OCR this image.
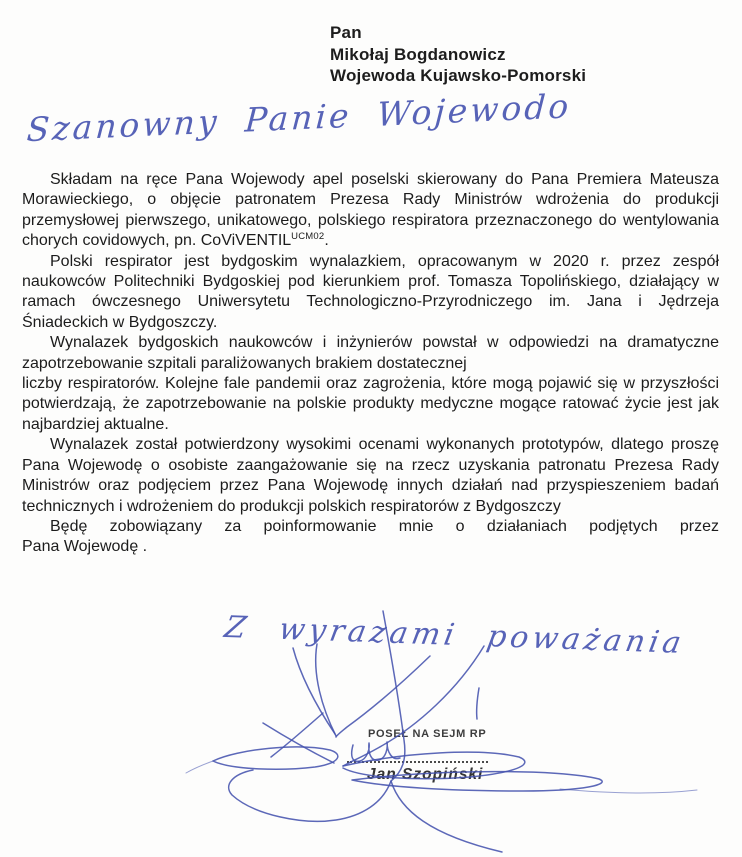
Pan
Mikołaj Bogdanowicz
Wojewoda Kujawsko-Pomorski
Szanowny Panie Wojewodo

Składam na ręce Pana Wojewody apel poselski skierowany do Pana Premiera Mateusza Morawieckiego, o objęcie patronatem Prezesa Rady Ministrów wdrożenia do produkcji przemysłowej pierwszego, unikatowego, polskiego respiratora przeznaczonego do wentylowania chorych covidowych, pn. CoViVENTIL$^{UCM02}$.

Polski respirator jest bydgoskim wynalazkiem, opracowanym w 2020 r. przez zespół naukowców Politechniki Bydgoskiej pod kierunkiem prof. Tomasza Topolińskiego, działający w ramach ówczesnego Uniwersytetu Technologiczno-Przyrodniczego im. Jana i Jędrzeja Śniadeckich w Bydgoszczy.

Wynalazek bydgoskich naukowców i inżynierów powstał w odpowiedzi na dramatyczne zapotrzebowanie szpitali paraliżowanych brakiem dostatecznej

liczby respiratorów. Kolejne fale pandemii oraz zagrożenia, które mogą pojawić się w przyszłości potwierdzają, że zapotrzebowanie na polskie produkty medyczne mogące ratować życie jest jak najbardziej aktualne.

Wynalazek został potwierdzony wysokimi ocenami wykonanych prototypów, dlatego proszę Pana Wojewodę o osobiste zaangażowanie się na rzecz uzyskania patronatu Prezesa Rady Ministrów oraz podjęciem przez Pana Wojewodę innych działań nad przyspieszeniem badań technicznych i wdrożeniem do produkcji polskich respiratorów z Bydgoszczy

Będę zobowiązany za poinformowanie mnie o działaniach podjętych przez

Pana Wojewodę .

Z wyrazami poważania
POSEŁ NA SEJM RP
Jan Szopiński
